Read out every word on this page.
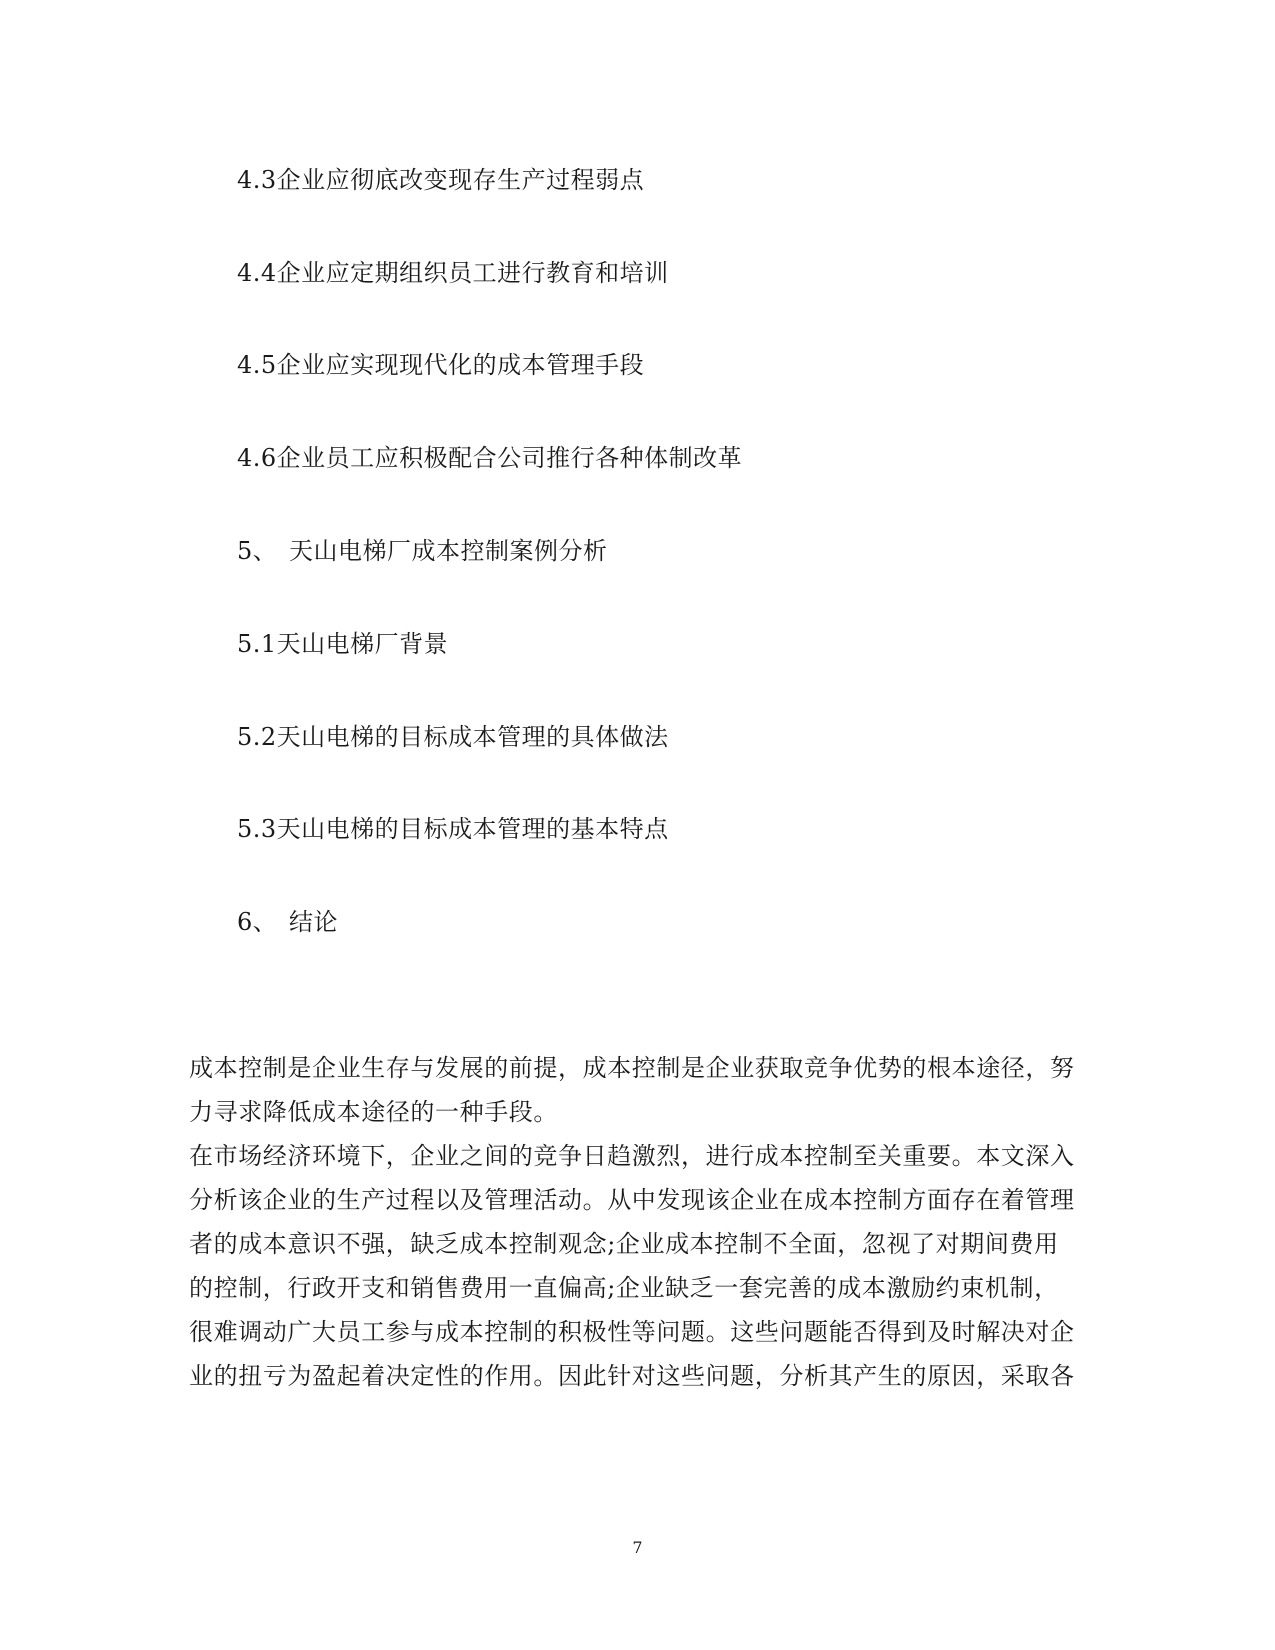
4.3企业应彻底改变现存生产过程弱点
4.4企业应定期组织员工进行教育和培训
4.5企业应实现现代化的成本管理手段
4.6企业员工应积极配合公司推行各种体制改革
5、 天山电梯厂成本控制案例分析
5.1天山电梯厂背景
5.2天山电梯的目标成本管理的具体做法
5.3天山电梯的目标成本管理的基本特点
6、 结论
成本控制是企业生存与发展的前提，成本控制是企业获取竞争优势的根本途径，努
力寻求降低成本途径的一种手段。
在市场经济环境下，企业之间的竞争日趋激烈，进行成本控制至关重要。本文深入
分析该企业的生产过程以及管理活动。从中发现该企业在成本控制方面存在着管理
者的成本意识不强，缺乏成本控制观念;企业成本控制不全面，忽视了对期间费用
的控制，行政开支和销售费用一直偏高;企业缺乏一套完善的成本激励约束机制，
很难调动广大员工参与成本控制的积极性等问题。这些问题能否得到及时解决对企
业的扭亏为盈起着决定性的作用。因此针对这些问题，分析其产生的原因，采取各
7
